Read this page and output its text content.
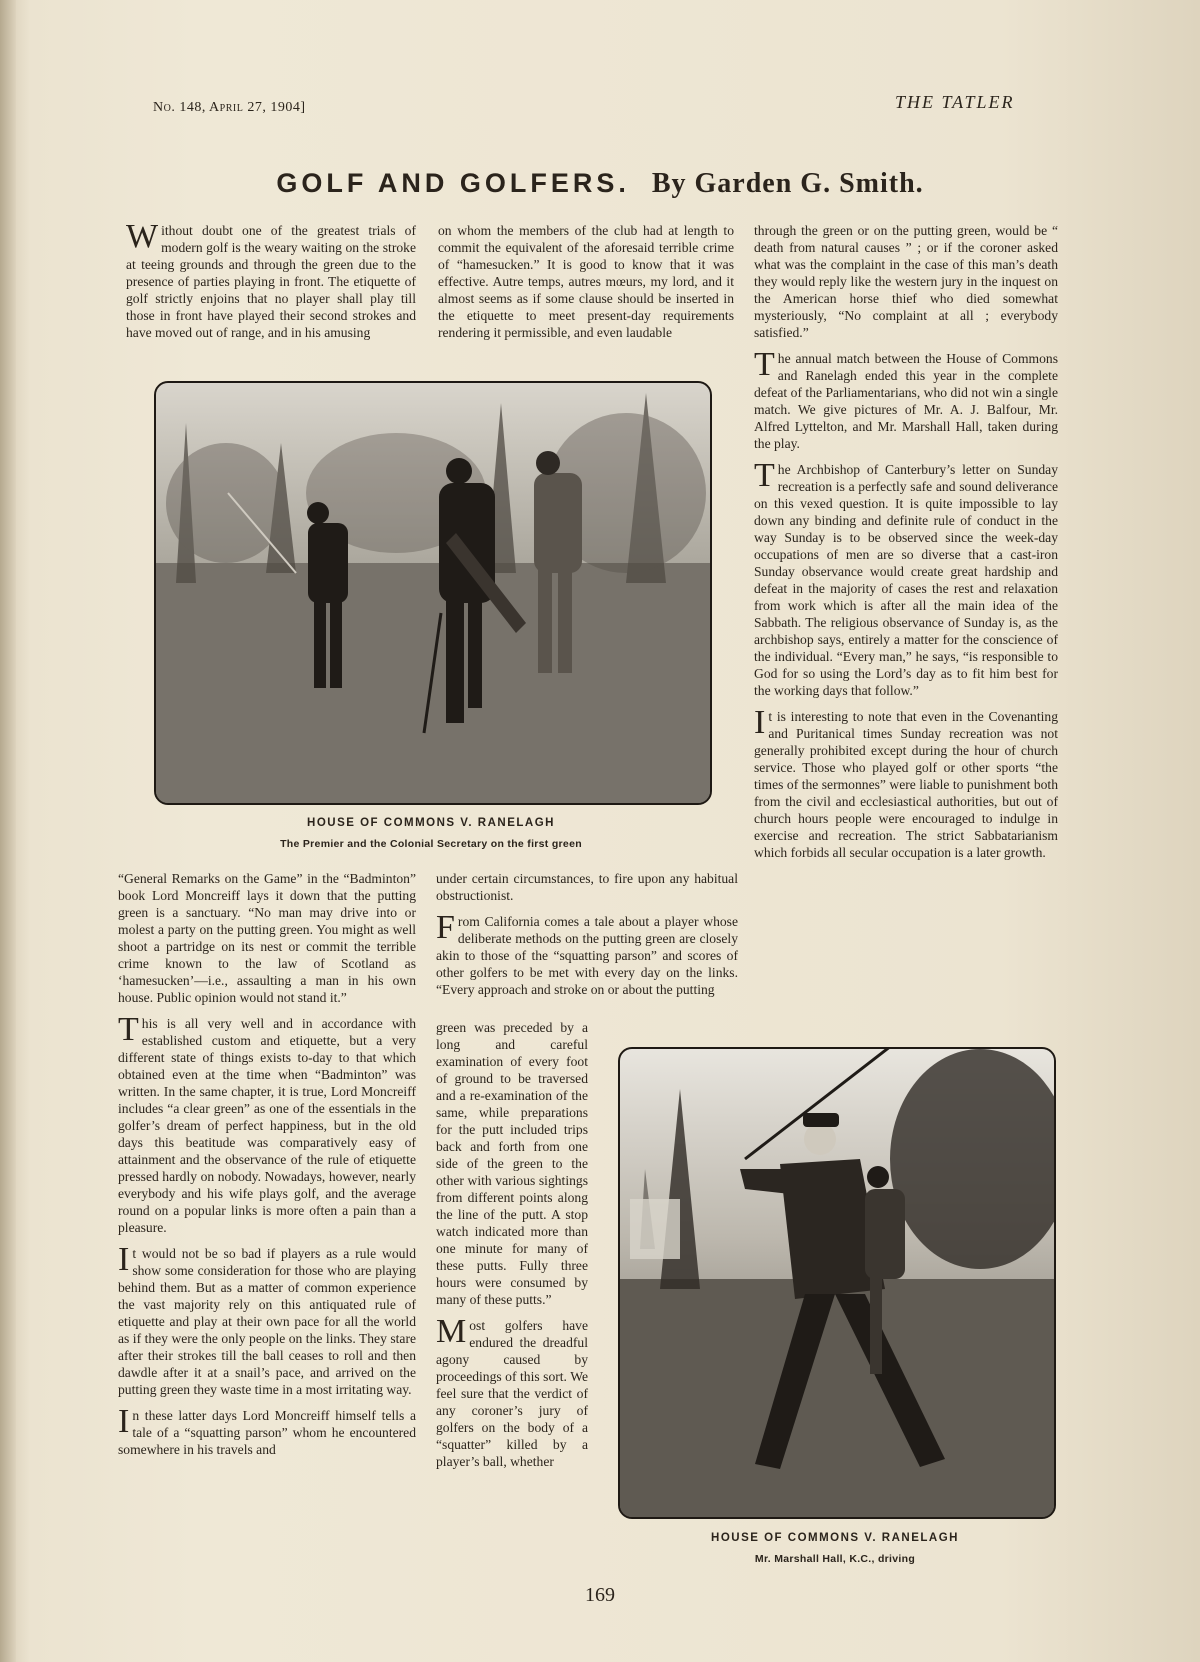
No. 148, April 27, 1904]	THE TATLER
GOLF AND GOLFERS. By Garden G. Smith.

Without doubt one of the greatest trials of modern golf is the weary waiting on the stroke at teeing grounds and through the green due to the presence of parties playing in front. The etiquette of golf strictly enjoins that no player shall play till those in front have played their second strokes and have moved out of range, and in his amusing

on whom the members of the club had at length to commit the equivalent of the aforesaid terrible crime of “hamesucken.” It is good to know that it was effective. Autre temps, autres mœurs, my lord, and it almost seems as if some clause should be inserted in the etiquette to meet present-day requirements rendering it permissible, and even laudable

through the green or on the putting green, would be “ death from natural causes ” ; or if the coroner asked what was the complaint in the case of this man’s death they would reply like the western jury in the inquest on the American horse thief who died somewhat mysteriously, “No complaint at all ; everybody satisfied.”

The annual match between the House of Commons and Ranelagh ended this year in the complete defeat of the Parliamentarians, who did not win a single match. We give pictures of Mr. A. J. Balfour, Mr. Alfred Lyttelton, and Mr. Marshall Hall, taken during the play.

The Archbishop of Canterbury’s letter on Sunday recreation is a perfectly safe and sound deliverance on this vexed question. It is quite impossible to lay down any binding and definite rule of conduct in the way Sunday is to be observed since the week-day occupations of men are so diverse that a cast-iron Sunday observance would create great hardship and defeat in the majority of cases the rest and relaxation from work which is after all the main idea of the Sabbath. The religious observance of Sunday is, as the archbishop says, entirely a matter for the conscience of the individual. “Every man,” he says, “is responsible to God for so using the Lord’s day as to fit him best for the working days that follow.”

It is interesting to note that even in the Covenanting and Puritanical times Sunday recreation was not generally prohibited except during the hour of church service. Those who played golf or other sports “the times of the sermonnes” were liable to punishment both from the civil and ecclesiastical authorities, but out of church hours people were encouraged to indulge in exercise and recreation. The strict Sabbatarianism which forbids all secular occupation is a later growth.

HOUSE OF COMMONS V. RANELAGH
The Premier and the Colonial Secretary on the first green

“General Remarks on the Game” in the “Badminton” book Lord Moncreiff lays it down that the putting green is a sanctuary. “No man may drive into or molest a party on the putting green. You might as well shoot a partridge on its nest or commit the terrible crime known to the law of Scotland as ‘hamesucken’—i.e., assaulting a man in his own house. Public opinion would not stand it.”

This is all very well and in accordance with established custom and etiquette, but a very different state of things exists to-day to that which obtained even at the time when “Badminton” was written. In the same chapter, it is true, Lord Moncreiff includes “a clear green” as one of the essentials in the golfer’s dream of perfect happiness, but in the old days this beatitude was comparatively easy of attainment and the observance of the rule of etiquette pressed hardly on nobody. Nowadays, however, nearly everybody and his wife plays golf, and the average round on a popular links is more often a pain than a pleasure.

It would not be so bad if players as a rule would show some consideration for those who are playing behind them. But as a matter of common experience the vast majority rely on this antiquated rule of etiquette and play at their own pace for all the world as if they were the only people on the links. They stare after their strokes till the ball ceases to roll and then dawdle after it at a snail’s pace, and arrived on the putting green they waste time in a most irritating way.

In these latter days Lord Moncreiff himself tells a tale of a “squatting parson” whom he encountered somewhere in his travels and

under certain circumstances, to fire upon any habitual obstructionist.

From California comes a tale about a player whose deliberate methods on the putting green are closely akin to those of the “squatting parson” and scores of other golfers to be met with every day on the links. “Every approach and stroke on or about the putting

green was preceded by a long and careful examination of every foot of ground to be traversed and a re-examination of the same, while preparations for the putt included trips back and forth from one side of the green to the other with various sightings from different points along the line of the putt. A stop watch indicated more than one minute for many of these putts. Fully three hours were consumed by many of these putts.”

Most golfers have endured the dreadful agony caused by proceedings of this sort. We feel sure that the verdict of any coroner’s jury of golfers on the body of a “squatter” killed by a player’s ball, whether

HOUSE OF COMMONS V. RANELAGH
Mr. Marshall Hall, K.C., driving
169
